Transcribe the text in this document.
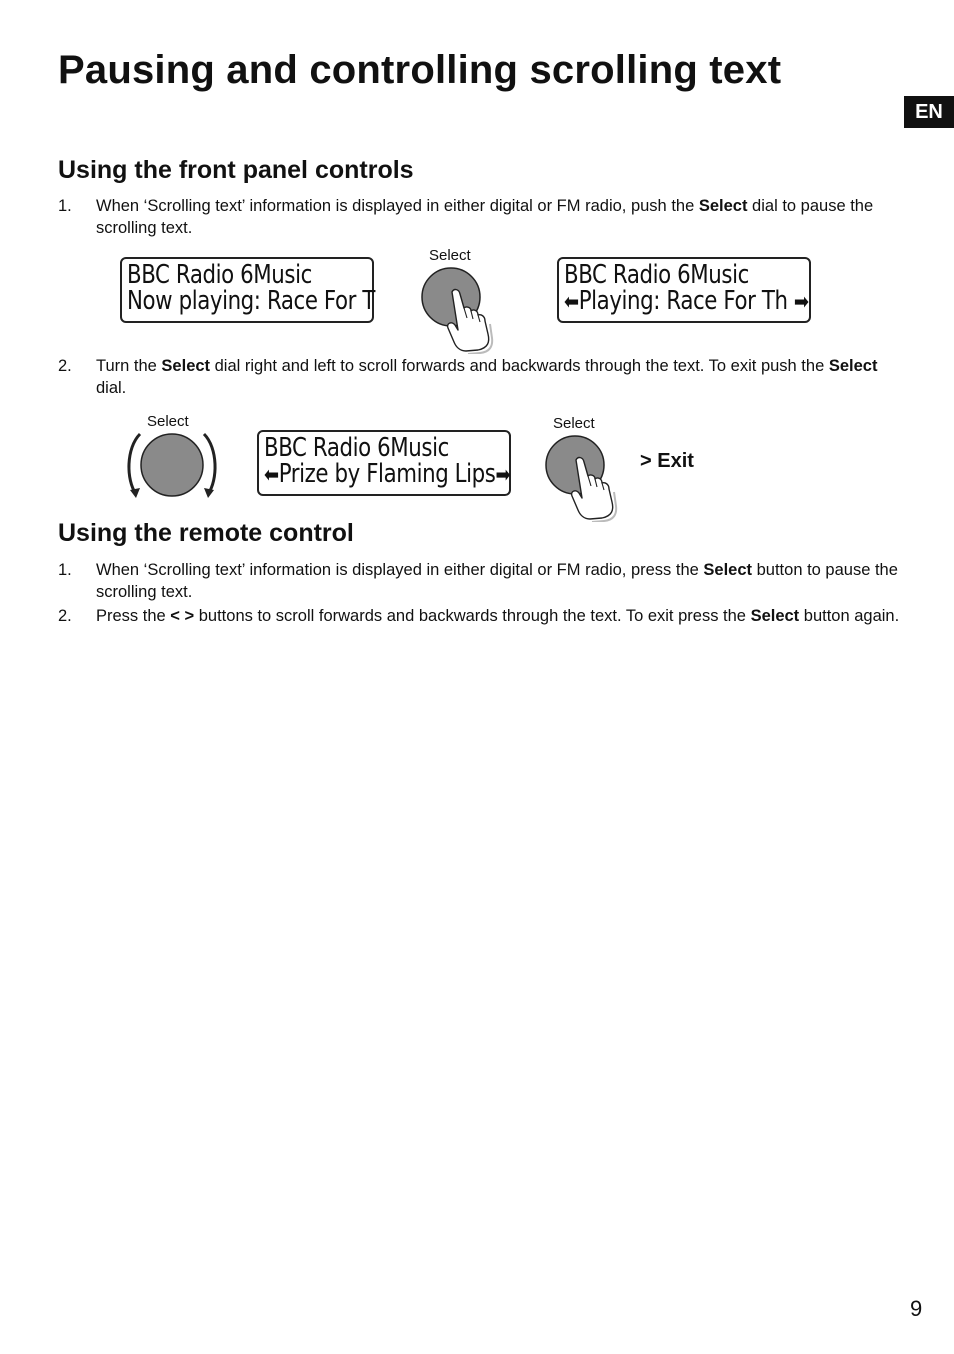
Pausing and controlling scrolling text
EN
Using the front panel controls
1. When ‘Scrolling text’ information is displayed in either digital or FM radio, push the Select dial to pause the scrolling text.
BBC Radio 6Music
Now playing: Race For T
Select
BBC Radio 6Music
⬅Playing: Race For Th ➡
2. Turn the Select dial right and left to scroll forwards and backwards through the text. To exit push the Select dial.
Select
BBC Radio 6Music
⬅Prize by Flaming Lips➡
Select
> Exit
Using the remote control
1. When ‘Scrolling text’ information is displayed in either digital or FM radio, press the Select button to pause the scrolling text.
2. Press the < > buttons to scroll forwards and backwards through the text. To exit press the Select button again.
9
